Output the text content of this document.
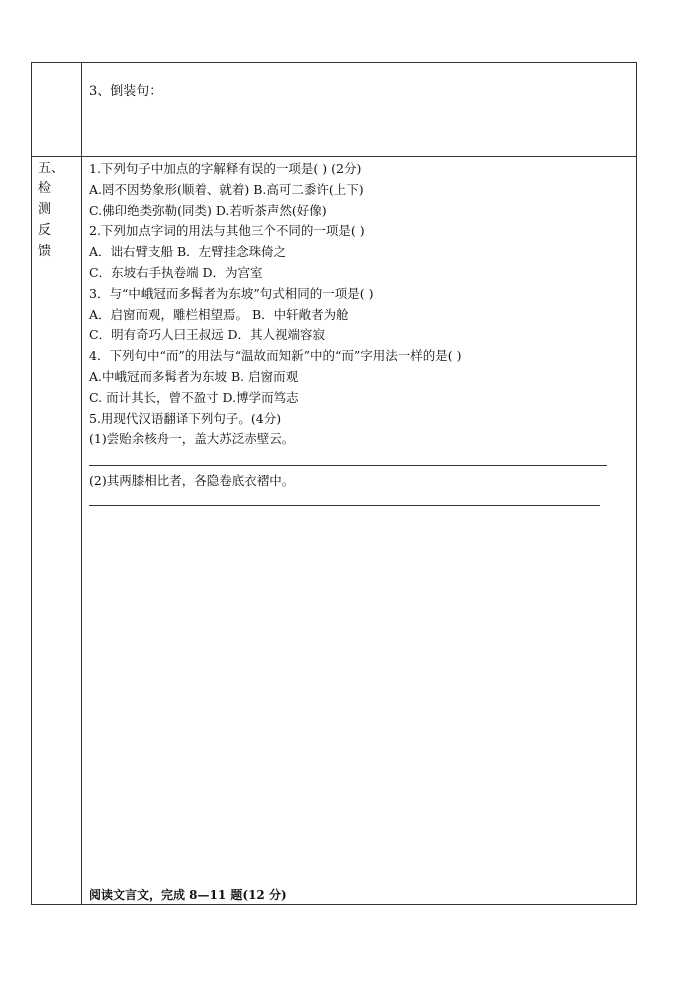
3、倒装句：
五、
检
测
反
馈
1.下列句子中加点的字解释有误的一项是( ) (2分)
A.罔不因势象形(顺着、就着) B.高可二黍许(上下)
C.佛印绝类弥勒(同类) D.若听茶声然(好像)
2.下列加点字词的用法与其他三个不同的一项是( )
A．诎右臂支船 B．左臂挂念珠倚之
C．东坡右手执卷端 D．为宫室
3．与“中峨冠而多髯者为东坡”句式相同的一项是( )
A．启窗而观，雕栏相望焉。 B．中轩敞者为舱
C．明有奇巧人曰王叔远 D．其人视端容寂
4．下列句中“而”的用法与“温故而知新”中的“而”字用法一样的是( )
A.中峨冠而多髯者为东坡 B. 启窗而观
C. 而计其长，曾不盈寸 D.博学而笃志
5.用现代汉语翻译下列句子。(4分)
(1)尝贻余核舟一，盖大苏泛赤壁云。
(2)其两膝相比者，各隐卷底衣褶中。
阅读文言文，完成 8—11 题(12 分)
